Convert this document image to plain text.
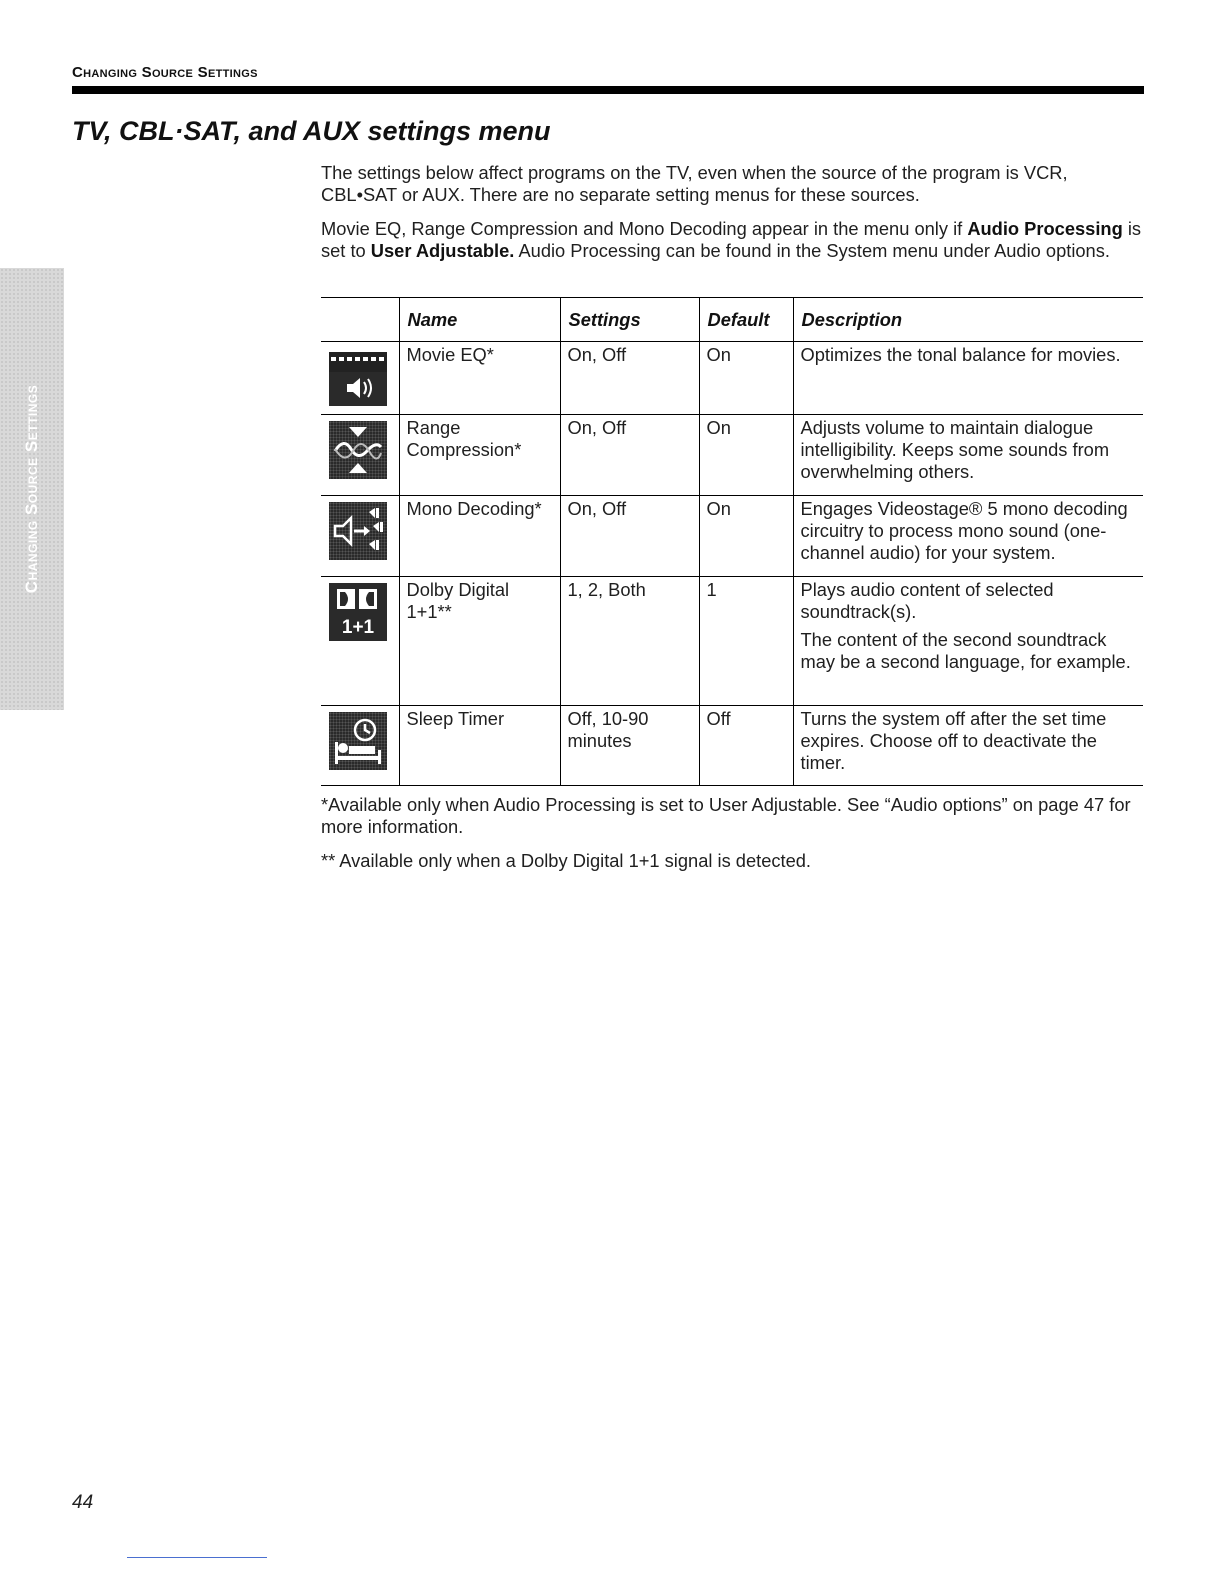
Changing Source Settings
TV, CBL·SAT, and AUX settings menu
Changing Source Settings

The settings below affect programs on the TV, even when the source of the program is VCR, CBL•SAT or AUX. There are no separate setting menus for these sources.

Movie EQ, Range Compression and Mono Decoding appear in the menu only if Audio Processing is set to User Adjustable. Audio Processing can be found in the System menu under Audio options.

	Name	Settings	Default	Description

	Movie EQ*	On, Off	On	Optimizes the tonal balance for movies.

	Range Compression*	On, Off	On	Adjusts volume to maintain dialogue intelligibility. Keeps some sounds from overwhelming others.

	Mono Decoding*	On, Off	On	Engages Videostage® 5 mono decoding circuitry to process mono sound (one-channel audio) for your system.

1+1	Dolby Digital 1+1**	1, 2, Both	1	Plays audio content of selected soundtrack(s).
The content of the second soundtrack may be a second language, for example.

	Sleep Timer	Off, 10-90 minutes	Off	Turns the system off after the set time expires. Choose off to deactivate the timer.

*Available only when Audio Processing is set to User Adjustable. See “Audio options” on page 47 for more information.

** Available only when a Dolby Digital 1+1 signal is detected.

44
